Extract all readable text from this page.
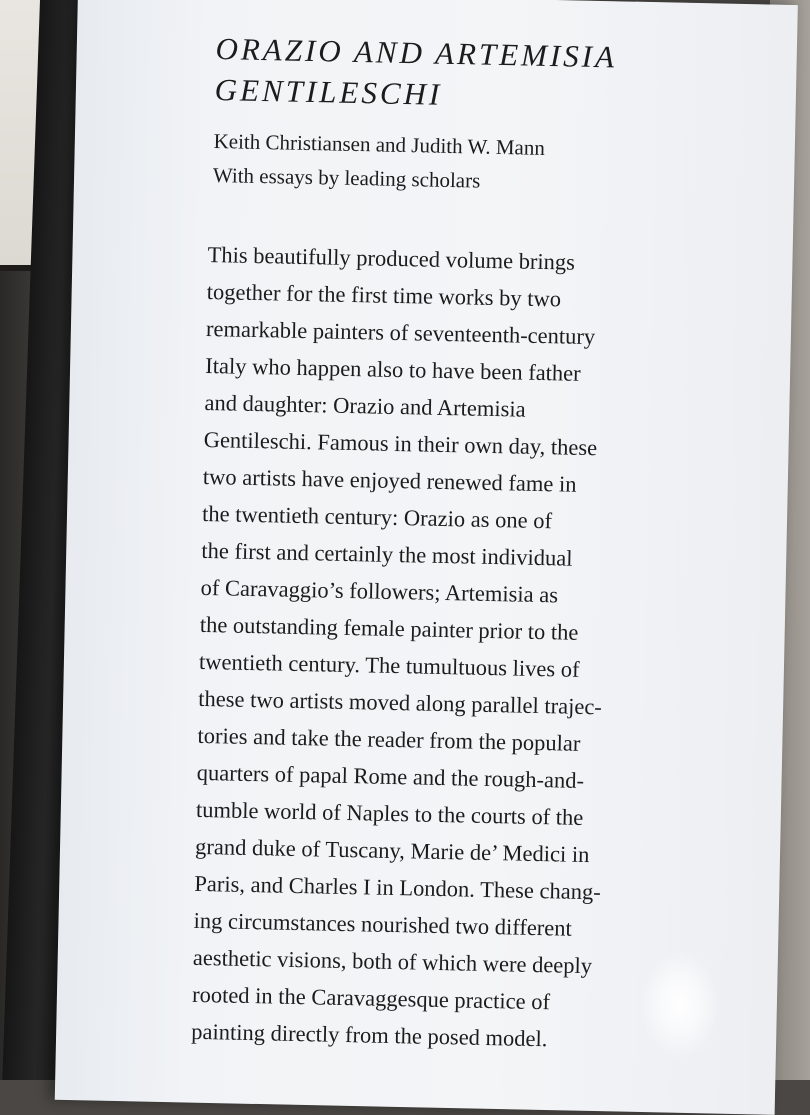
ORAZIO AND ARTEMISIA
GENTILESCHI
Keith Christiansen and Judith W. Mann
With essays by leading scholars
This beautifully produced volume brings
together for the first time works by two
remarkable painters of seventeenth-century
Italy who happen also to have been father
and daughter: Orazio and Artemisia
Gentileschi. Famous in their own day, these
two artists have enjoyed renewed fame in
the twentieth century: Orazio as one of
the first and certainly the most individual
of Caravaggio’s followers; Artemisia as
the outstanding female painter prior to the
twentieth century. The tumultuous lives of
these two artists moved along parallel trajec-
tories and take the reader from the popular
quarters of papal Rome and the rough-and-
tumble world of Naples to the courts of the
grand duke of Tuscany, Marie de’ Medici in
Paris, and Charles I in London. These chang-
ing circumstances nourished two different
aesthetic visions, both of which were deeply
rooted in the Caravaggesque practice of
painting directly from the posed model.
